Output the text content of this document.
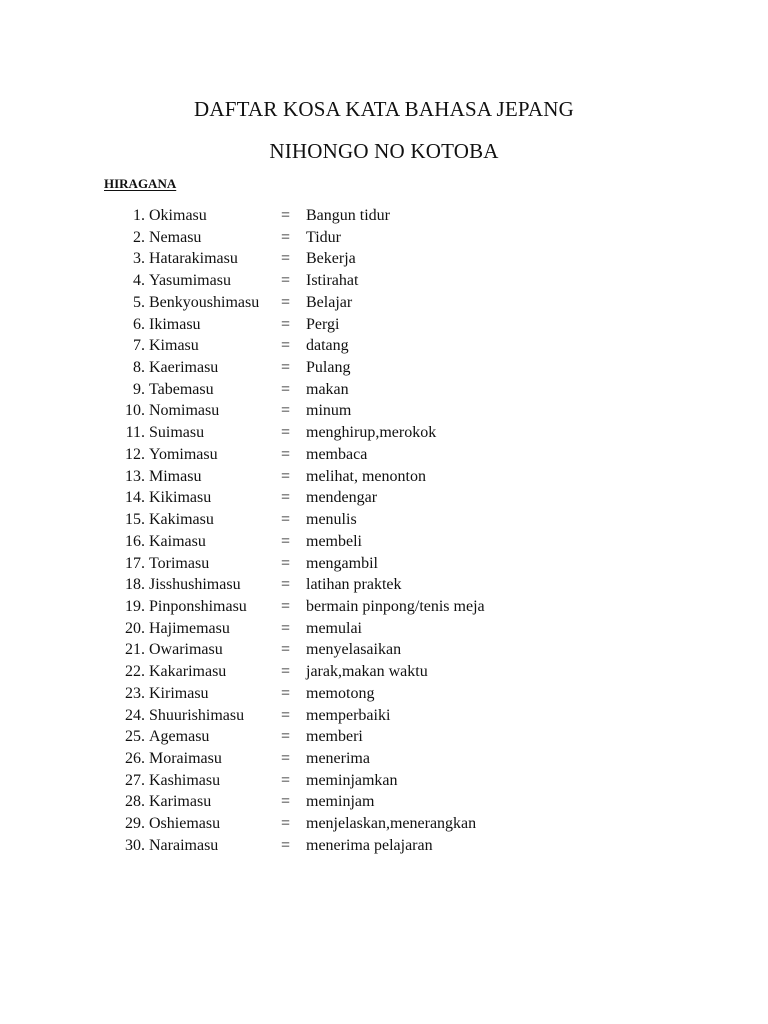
DAFTAR KOSA KATA BAHASA JEPANG
NIHONGO NO KOTOBA
HIRAGANA
1. Okimasu	= Bangun tidur
2. Nemasu	= Tidur
3. Hatarakimasu	= Bekerja
4. Yasumimasu	= Istirahat
5. Benkyoushimasu = Belajar
6. Ikimasu	= Pergi
7. Kimasu	= datang
8. Kaerimasu	= Pulang
9. Tabemasu	= makan
10. Nomimasu	= minum
11. Suimasu	= menghirup,merokok
12. Yomimasu	= membaca
13. Mimasu	= melihat, menonton
14. Kikimasu	= mendengar
15. Kakimasu	= menulis
16. Kaimasu	= membeli
17. Torimasu	= mengambil
18. Jisshushimasu	= latihan praktek
19. Pinponshimasu = bermain pinpong/tenis meja
20. Hajimemasu	= memulai
21. Owarimasu	= menyelasaikan
22. Kakarimasu	= jarak,makan waktu
23. Kirimasu	= memotong
24. Shuurishimasu = memperbaiki
25. Agemasu	= memberi
26. Moraimasu	= menerima
27. Kashimasu	= meminjamkan
28. Karimasu	= meminjam
29. Oshiemasu	= menjelaskan,menerangkan
30. Naraimasu	= menerima pelajaran
